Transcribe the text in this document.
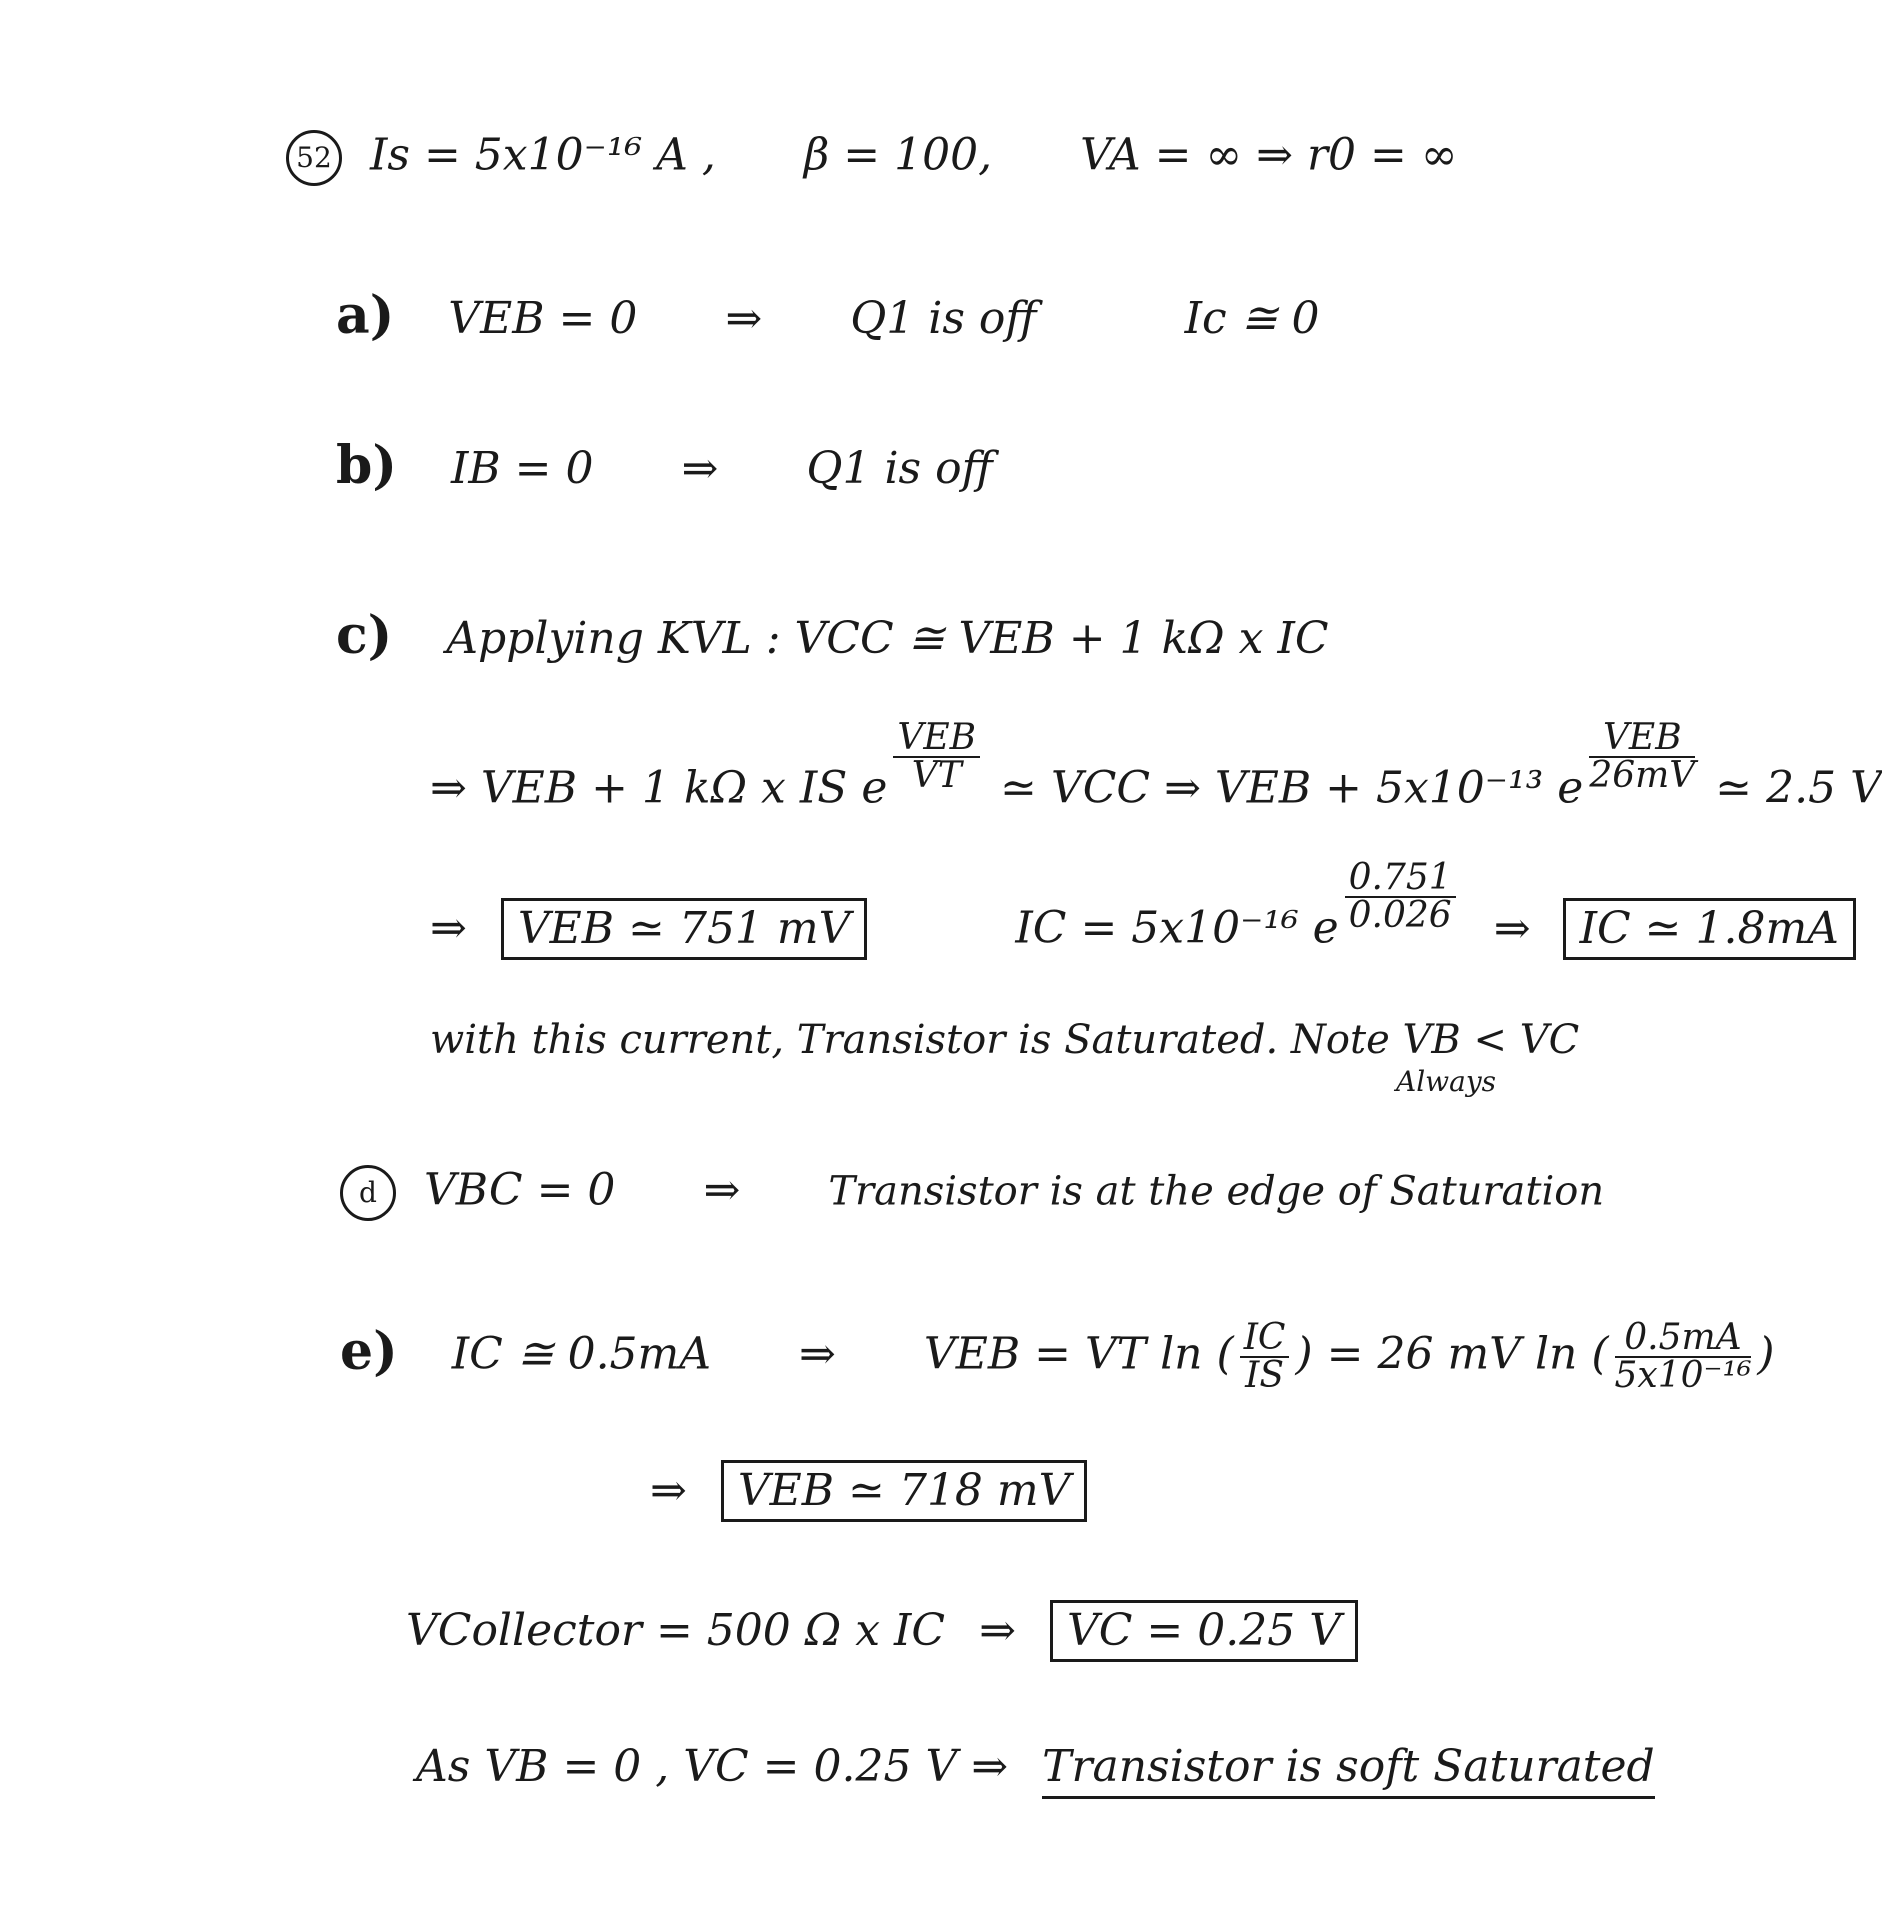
52 Is = 5x10⁻¹⁶ A , β = 100, VA = ∞ ⇒ r0 = ∞
a) VEB = 0 ⇒ Q1 is off	Ic ≅ 0
b) IB = 0 ⇒ Q1 is off
c) Applying KVL : VCC ≅ VEB + 1 kΩ x IC
⇒ VEB + 1 kΩ x IS e $\frac{\text{VEB}}{VT}$ ≃ VCC ⇒ VEB + 5x10⁻¹³ e $\frac{\text{VEB}}{26mV}$ ≃ 2.5 V
⇒ VEB ≃ 751 mV	IC = 5x10⁻¹⁶ e $\frac{0.751}{0.026}$ ⇒ IC ≃ 1.8mA
with this current, Transistor is Saturated. Note VB < VC
Always
d VBC = 0 ⇒ Transistor is at the edge of Saturation
e) IC ≅ 0.5mA ⇒ VEB = VT ln ( $\frac{IC}{IS}$ ) = 26 mV ln ( $\frac{0.5mA}{\text{5x10⁻¹⁶}}$ )
⇒ VEB ≃ 718 mV
VCollector = 500 Ω x IC ⇒ VC = 0.25 V
As VB = 0 , VC = 0.25 V ⇒ Transistor is soft Saturated
